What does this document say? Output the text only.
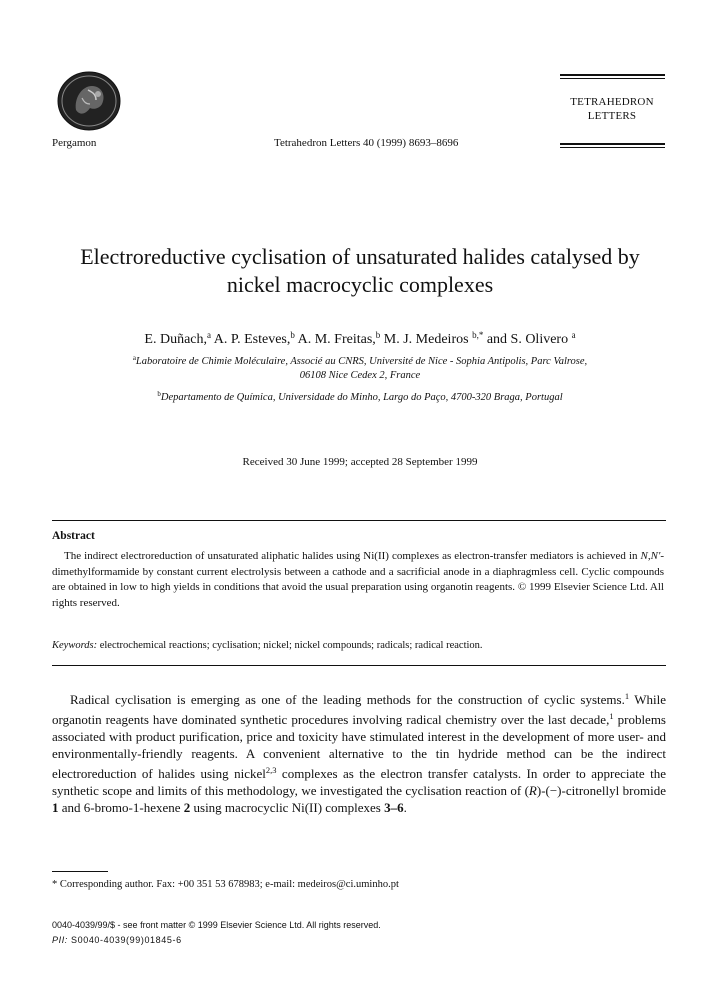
Pergamon	Tetrahedron Letters 40 (1999) 8693–8696
TETRAHEDRON
LETTERS
Electroreductive cyclisation of unsaturated halides catalysed by
nickel macrocyclic complexes
E. Duñach,$^a$ A. P. Esteves,$^b$ A. M. Freitas,$^b$ M. J. Medeiros $^{b,*}$ and S. Olivero $^a$
$^a$Laboratoire de Chimie Moléculaire, Associé au CNRS, Université de Nice - Sophia Antipolis, Parc Valrose,
06108 Nice Cedex 2, France
$^b$Departamento de Química, Universidade do Minho, Largo do Paço, 4700-320 Braga, Portugal
Received 30 June 1999; accepted 28 September 1999
Abstract
The indirect electroreduction of unsaturated aliphatic halides using Ni(II) complexes as electron-transfer mediators is achieved in N,N'-dimethylformamide by constant current electrolysis between a cathode and a sacrificial anode in a diaphragmless cell. Cyclic compounds are obtained in low to high yields in conditions that avoid the usual preparation using organotin reagents. © 1999 Elsevier Science Ltd. All rights reserved.
Keywords: electrochemical reactions; cyclisation; nickel; nickel compounds; radicals; radical reaction.
Radical cyclisation is emerging as one of the leading methods for the construction of cyclic systems.$^1$ While organotin reagents have dominated synthetic procedures involving radical chemistry over the last decade,$^1$ problems associated with product purification, price and toxicity have stimulated interest in the development of more user- and environmentally-friendly reagents. A convenient alternative to the tin hydride method can be the indirect electroreduction of halides using nickel$^{2,3}$ complexes as the electron transfer catalysts. In order to appreciate the synthetic scope and limits of this methodology, we investigated the cyclisation reaction of (R)-(−)-citronellyl bromide 1 and 6-bromo-1-hexene 2 using macrocyclic Ni(II) complexes 3–6.
* Corresponding author. Fax: +00 351 53 678983; e-mail: medeiros@ci.uminho.pt
0040-4039/99/$ - see front matter © 1999 Elsevier Science Ltd. All rights reserved.
PII: S0040-4039(99)01845-6
